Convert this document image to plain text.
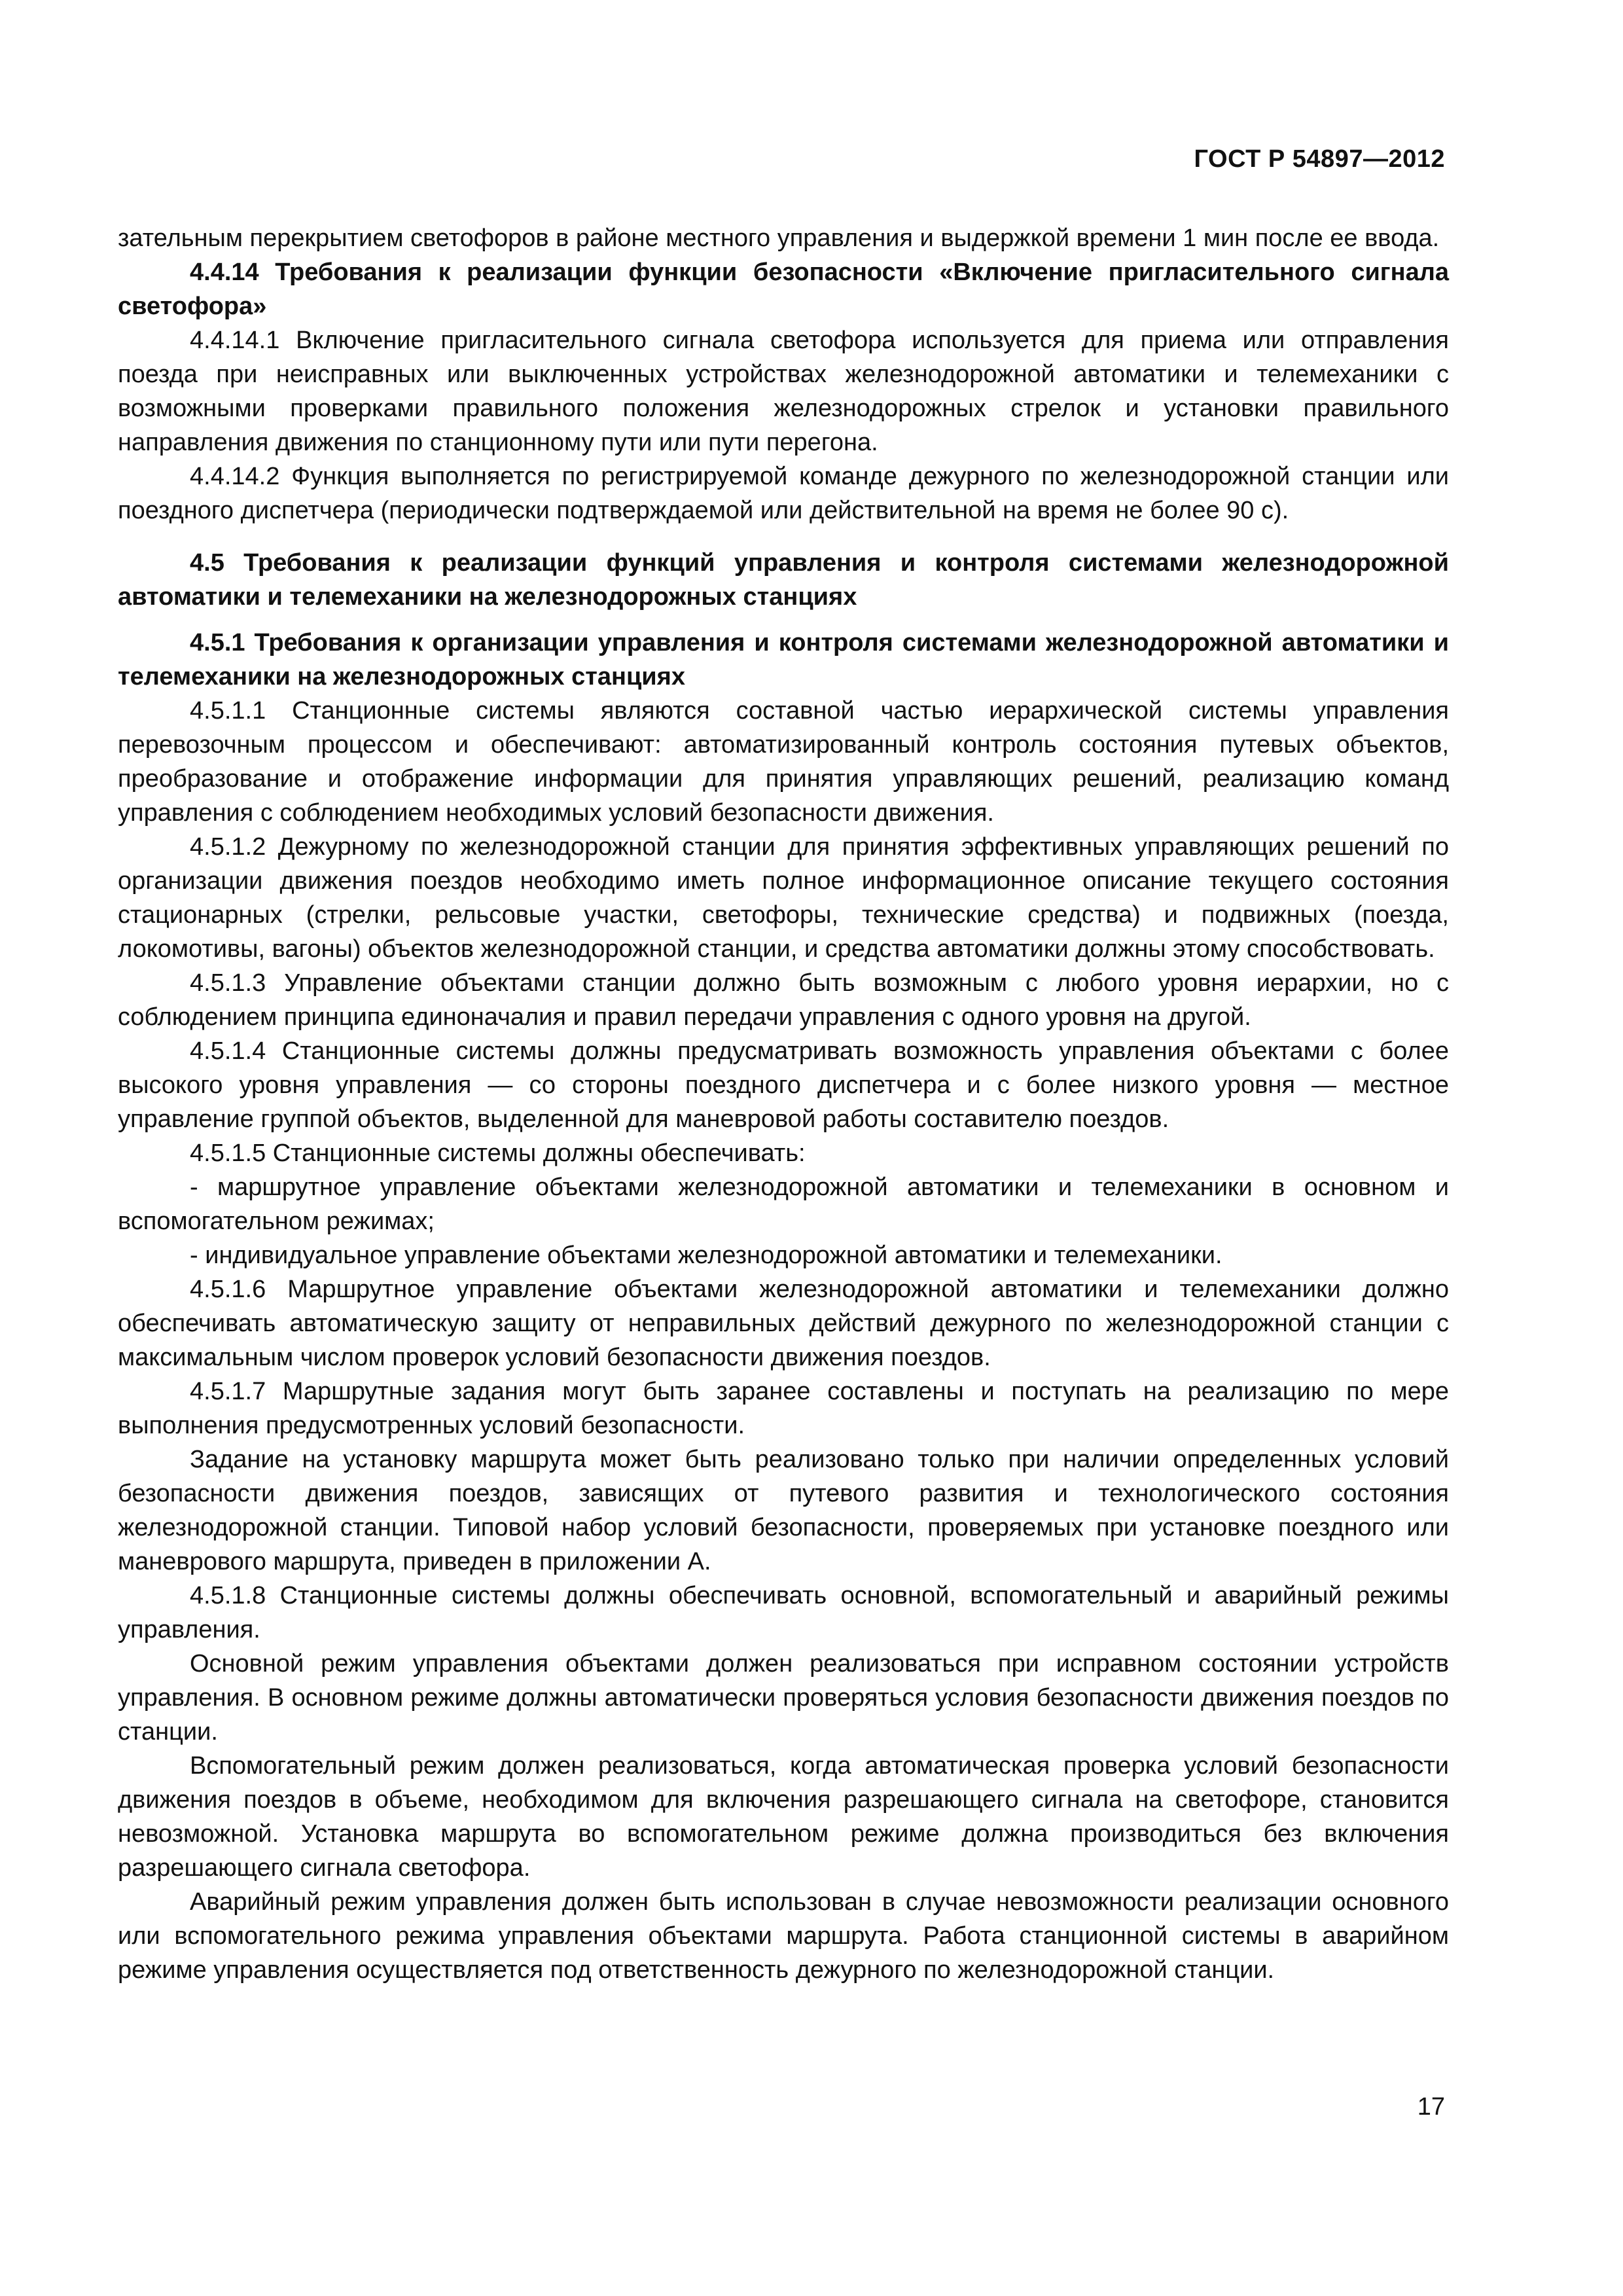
ГОСТ Р 54897—2012

зательным перекрытием светофоров в районе местного управления и выдержкой времени 1 мин после ее ввода.

4.4.14 Требования к реализации функции безопасности «Включение пригласительного сигнала светофора»

4.4.14.1 Включение пригласительного сигнала светофора используется для приема или отправления поезда при неисправных или выключенных устройствах железнодорожной автоматики и телемеханики с возможными проверками правильного положения железнодорожных стрелок и установки правильного направления движения по станционному пути или пути перегона.

4.4.14.2 Функция выполняется по регистрируемой команде дежурного по железнодорожной станции или поездного диспетчера (периодически подтверждаемой или действительной на время не более 90 с).

4.5 Требования к реализации функций управления и контроля системами железнодорожной автоматики и телемеханики на железнодорожных станциях

4.5.1 Требования к организации управления и контроля системами железнодорожной автоматики и телемеханики на железнодорожных станциях

4.5.1.1 Станционные системы являются составной частью иерархической системы управления перевозочным процессом и обеспечивают: автоматизированный контроль состояния путевых объектов, преобразование и отображение информации для принятия управляющих решений, реализацию команд управления с соблюдением необходимых условий безопасности движения.

4.5.1.2 Дежурному по железнодорожной станции для принятия эффективных управляющих решений по организации движения поездов необходимо иметь полное информационное описание текущего состояния стационарных (стрелки, рельсовые участки, светофоры, технические средства) и подвижных (поезда, локомотивы, вагоны) объектов железнодорожной станции, и средства автоматики должны этому способствовать.

4.5.1.3 Управление объектами станции должно быть возможным с любого уровня иерархии, но с соблюдением принципа единоначалия и правил передачи управления с одного уровня на другой.

4.5.1.4 Станционные системы должны предусматривать возможность управления объектами с более высокого уровня управления — со стороны поездного диспетчера и с более низкого уровня — местное управление группой объектов, выделенной для маневровой работы составителю поездов.

4.5.1.5 Станционные системы должны обеспечивать:

- маршрутное управление объектами железнодорожной автоматики и телемеханики в основном и вспомогательном режимах;

- индивидуальное управление объектами железнодорожной автоматики и телемеханики.

4.5.1.6 Маршрутное управление объектами железнодорожной автоматики и телемеханики должно обеспечивать автоматическую защиту от неправильных действий дежурного по железнодорожной станции с максимальным числом проверок условий безопасности движения поездов.

4.5.1.7 Маршрутные задания могут быть заранее составлены и поступать на реализацию по мере выполнения предусмотренных условий безопасности.

Задание на установку маршрута может быть реализовано только при наличии определенных условий безопасности движения поездов, зависящих от путевого развития и технологического состояния железнодорожной станции. Типовой набор условий безопасности, проверяемых при установке поездного или маневрового маршрута, приведен в приложении А.

4.5.1.8 Станционные системы должны обеспечивать основной, вспомогательный и аварийный режимы управления.

Основной режим управления объектами должен реализоваться при исправном состоянии устройств управления. В основном режиме должны автоматически проверяться условия безопасности движения поездов по станции.

Вспомогательный режим должен реализоваться, когда автоматическая проверка условий безопасности движения поездов в объеме, необходимом для включения разрешающего сигнала на светофоре, становится невозможной. Установка маршрута во вспомогательном режиме должна производиться без включения разрешающего сигнала светофора.

Аварийный режим управления должен быть использован в случае невозможности реализации основного или вспомогательного режима управления объектами маршрута. Работа станционной системы в аварийном режиме управления осуществляется под ответственность дежурного по железнодорожной станции.

17
